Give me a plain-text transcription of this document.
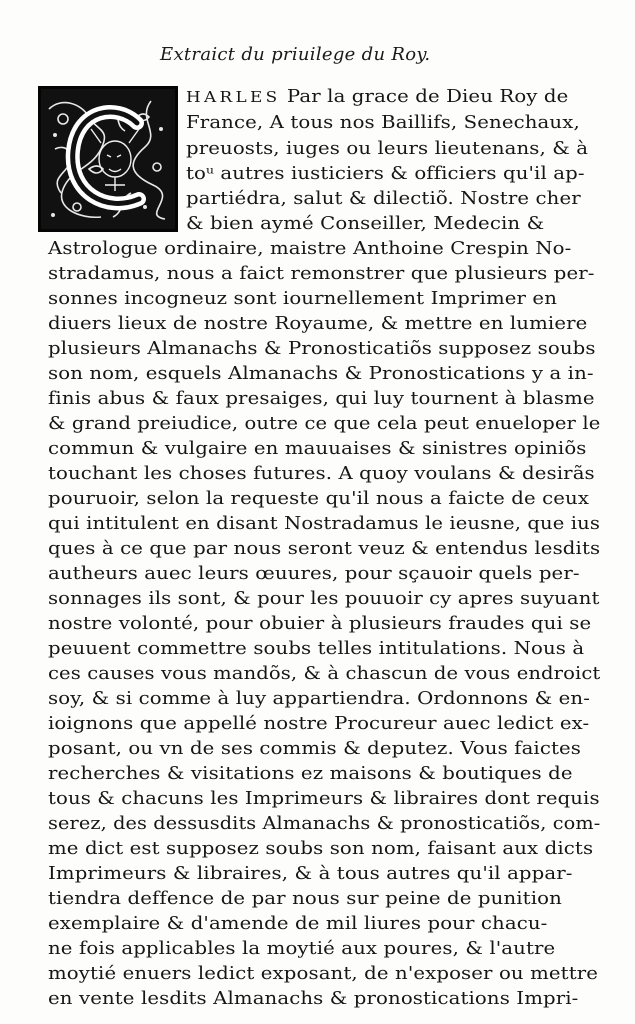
Extraict du priuilege du Roy.
HARLES Par la grace de Dieu Roy de
France, A tous nos Baillifs, Senechaux,
preuosts, iuges ou leurs lieutenans, & à
toᵘ autres iusticiers & officiers qu'il ap-
partiédra, salut & dilectiõ. Nostre cher
& bien aymé Conseiller, Medecin &
Astrologue ordinaire, maistre Anthoine Crespin No-
stradamus, nous a faict remonstrer que plusieurs per-
sonnes incogneuz sont iournellement Imprimer en
diuers lieux de nostre Royaume, & mettre en lumiere
plusieurs Almanachs & Pronosticatiõs supposez soubs
son nom, esquels Almanachs & Pronostications y a in-
finis abus & faux presaiges, qui luy tournent à blasme
& grand preiudice, outre ce que cela peut enueloper le
commun & vulgaire en mauuaises & sinistres opiniõs
touchant les choses futures. A quoy voulans & desirãs
pouruoir, selon la requeste qu'il nous a faicte de ceux
qui intitulent en disant Nostradamus le ieusne, que ius
ques à ce que par nous seront veuz & entendus lesdits
autheurs auec leurs œuures, pour sçauoir quels per-
sonnages ils sont, & pour les pouuoir cy apres suyuant
nostre volonté, pour obuier à plusieurs fraudes qui se
peuuent commettre soubs telles intitulations. Nous à
ces causes vous mandõs, & à chascun de vous endroict
soy, & si comme à luy appartiendra. Ordonnons & en-
ioignons que appellé nostre Procureur auec ledict ex-
posant, ou vn de ses commis & deputez. Vous faictes
recherches & visitations ez maisons & boutiques de
tous & chacuns les Imprimeurs & libraires dont requis
serez, des dessusdits Almanachs & pronosticatiõs, com-
me dict est supposez soubs son nom, faisant aux dicts
Imprimeurs & libraires, & à tous autres qu'il appar-
tiendra deffence de par nous sur peine de punition
exemplaire & d'amende de mil liures pour chacu-
ne fois applicables la moytié aux poures, & l'autre
moytié enuers ledict exposant, de n'exposer ou mettre
en vente lesdits Almanachs & pronostications Impri-
